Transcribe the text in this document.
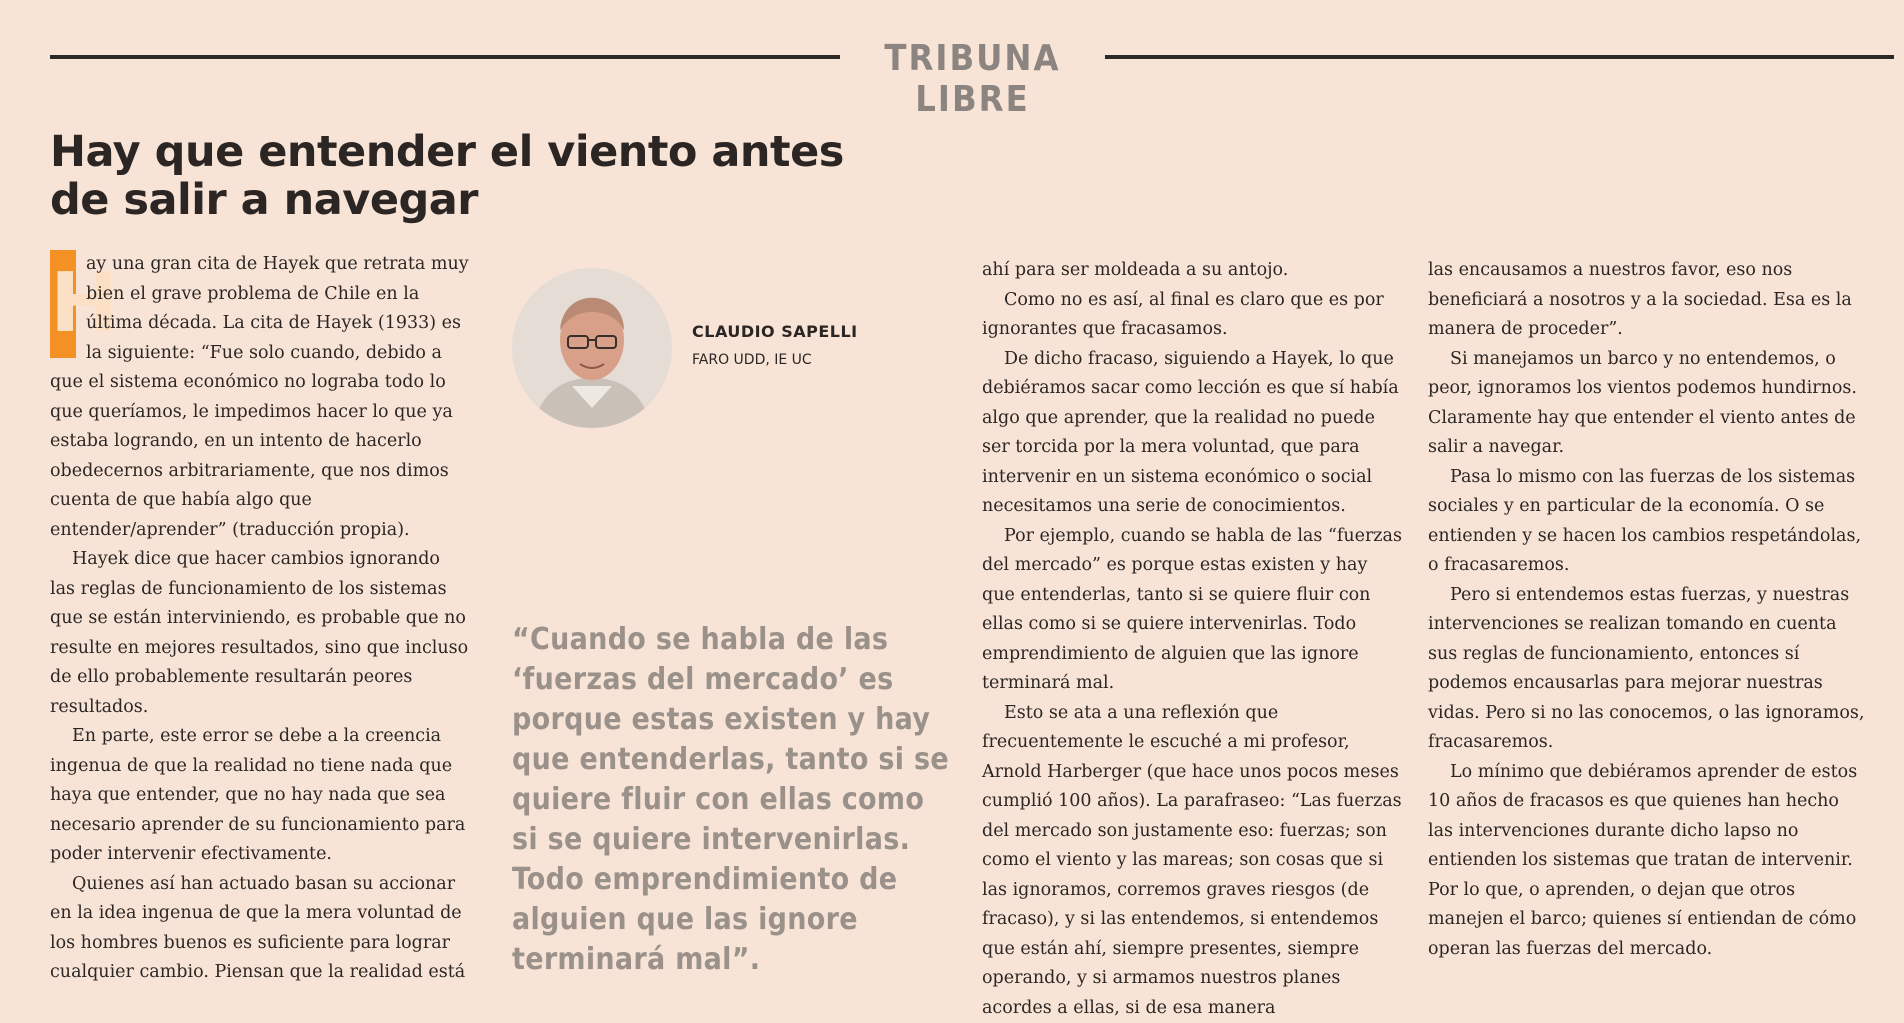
TRIBUNA LIBRE
Hay que entender el viento antes de salir a navegar

H
ay una gran cita de Hayek que retrata muy bien el grave problema de Chile en la última década. La cita de Hayek (1933) es la siguiente: “Fue solo cuando, debido a que el sistema económico no lograba todo lo que queríamos, le impedimos hacer lo que ya estaba logrando, en un intento de hacerlo obedecernos arbitrariamente, que nos dimos cuenta de que había algo que entender/aprender” (traducción propia).

Hayek dice que hacer cambios ignorando las reglas de funcionamiento de los sistemas que se están interviniendo, es probable que no resulte en mejores resultados, sino que incluso de ello probablemente resultarán peores resultados.

En parte, este error se debe a la creencia ingenua de que la realidad no tiene nada que haya que entender, que no hay nada que sea necesario aprender de su funcionamiento para poder intervenir efectivamente.

Quienes así han actuado basan su accionar en la idea ingenua de que la mera voluntad de los hombres buenos es suficiente para lograr cualquier cambio. Piensan que la realidad está

CLAUDIO SAPELLI
FARO UDD, IE UC

“Cuando se habla de las ‘fuerzas del mercado’ es porque estas existen y hay que entenderlas, tanto si se quiere fluir con ellas como si se quiere intervenirlas. Todo emprendimiento de alguien que las ignore terminará mal”.

ahí para ser moldeada a su antojo.

Como no es así, al final es claro que es por ignorantes que fracasamos.

De dicho fracaso, siguiendo a Hayek, lo que debiéramos sacar como lección es que sí había algo que aprender, que la realidad no puede ser torcida por la mera voluntad, que para intervenir en un sistema económico o social necesitamos una serie de conocimientos.

Por ejemplo, cuando se habla de las “fuerzas del mercado” es porque estas existen y hay que entenderlas, tanto si se quiere fluir con ellas como si se quiere intervenirlas. Todo emprendimiento de alguien que las ignore terminará mal.

Esto se ata a una reflexión que frecuentemente le escuché a mi profesor, Arnold Harberger (que hace unos pocos meses cumplió 100 años). La parafraseo: “Las fuerzas del mercado son justamente eso: fuerzas; son como el viento y las mareas; son cosas que si las ignoramos, corremos graves riesgos (de fracaso), y si las entendemos, si entendemos que están ahí, siempre presentes, siempre operando, y si armamos nuestros planes acordes a ellas, si de esa manera

las encausamos a nuestros favor, eso nos beneficiará a nosotros y a la sociedad. Esa es la manera de proceder”.

Si manejamos un barco y no entendemos, o peor, ignoramos los vientos podemos hundirnos. Claramente hay que entender el viento antes de salir a navegar.

Pasa lo mismo con las fuerzas de los sistemas sociales y en particular de la economía. O se entienden y se hacen los cambios respetándolas, o fracasaremos.

Pero si entendemos estas fuerzas, y nuestras intervenciones se realizan tomando en cuenta sus reglas de funcionamiento, entonces sí podemos encausarlas para mejorar nuestras vidas. Pero si no las conocemos, o las ignoramos, fracasaremos.

Lo mínimo que debiéramos aprender de estos 10 años de fracasos es que quienes han hecho las intervenciones durante dicho lapso no entienden los sistemas que tratan de intervenir. Por lo que, o aprenden, o dejan que otros manejen el barco; quienes sí entiendan de cómo operan las fuerzas del mercado.
